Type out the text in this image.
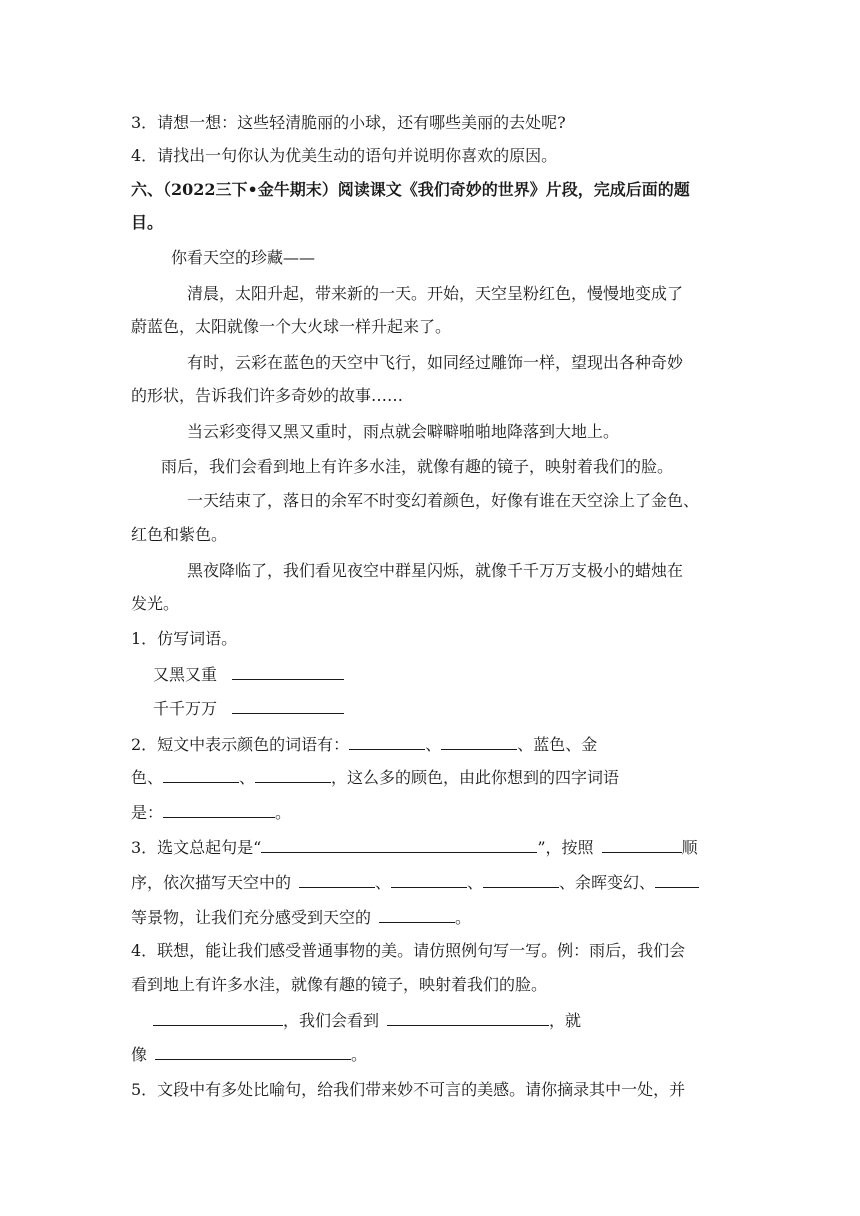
3．请想一想：这些轻清脆丽的小球，还有哪些美丽的去处呢?
4．请找出一句你认为优美生动的语句并说明你喜欢的原因。
六、（2022三下•金牛期末）阅读课文《我们奇妙的世界》片段，完成后面的题
目。
你看天空的珍藏——
清晨，太阳升起，带来新的一天。开始，天空呈粉红色，慢慢地变成了
蔚蓝色，太阳就像一个大火球一样升起来了。
有时，云彩在蓝色的天空中飞行，如同经过雕饰一样，望现出各种奇妙
的形状，告诉我们许多奇妙的故事……
当云彩变得又黑又重时，雨点就会噼噼啪啪地降落到大地上。
雨后，我们会看到地上有许多水洼，就像有趣的镜子，映射着我们的脸。
一天结束了，落日的余军不时变幻着颜色，好像有谁在天空涂上了金色、
红色和紫色。
黑夜降临了，我们看见夜空中群星闪烁，就像千千万万支极小的蜡烛在
发光。
1．仿写词语。
又黑又重
千千万万
2．短文中表示颜色的词语有：	、	、蓝色、金
色、	、	，这么多的顾色，由此你想到的四字词语
是：	。
3．选文总起句是“	”，按照	顺
序，依次描写天空中的	、	、	、余晖变幻、
等景物，让我们充分感受到天空的	。
4．联想，能让我们感受普通事物的美。请仿照例句写一写。例：雨后，我们会
看到地上有许多水洼，就像有趣的镜子，映射着我们的脸。
，我们会看到	，就
像	。
5．文段中有多处比喻句，给我们带来妙不可言的美感。请你摘录其中一处，并
